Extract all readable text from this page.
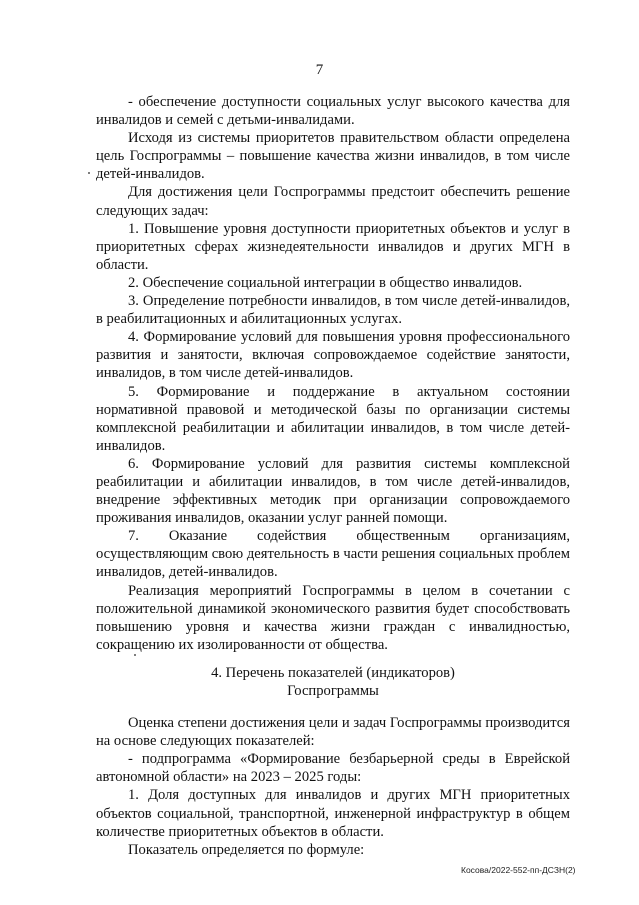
7

- обеспечение доступности социальных услуг высокого качества для инвалидов и семей с детьми-инвалидами.

Исходя из системы приоритетов правительством области определена цель Госпрограммы – повышение качества жизни инвалидов, в том числе детей-инвалидов.

Для достижения цели Госпрограммы предстоит обеспечить решение следующих задач:

1. Повышение уровня доступности приоритетных объектов и услуг в приоритетных сферах жизнедеятельности инвалидов и других МГН в области.

2. Обеспечение социальной интеграции в общество инвалидов.

3. Определение потребности инвалидов, в том числе детей-инвалидов, в реабилитационных и абилитационных услугах.

4. Формирование условий для повышения уровня профессионального развития и занятости, включая сопровождаемое содействие занятости, инвалидов, в том числе детей-инвалидов.

5. Формирование и поддержание в актуальном состоянии нормативной правовой и методической базы по организации системы комплексной реабилитации и абилитации инвалидов, в том числе детей-инвалидов.

6. Формирование условий для развития системы комплексной реабилитации и абилитации инвалидов, в том числе детей-инвалидов, внедрение эффективных методик при организации сопровождаемого проживания инвалидов, оказании услуг ранней помощи.

7. Оказание содействия общественным организациям, осуществляющим свою деятельность в части решения социальных проблем инвалидов, детей-инвалидов.

Реализация мероприятий Госпрограммы в целом в сочетании с положительной динамикой экономического развития будет способствовать повышению уровня и качества жизни граждан с инвалидностью, сокращению их изолированности от общества.

4. Перечень показателей (индикаторов)
Госпрограммы

Оценка степени достижения цели и задач Госпрограммы производится на основе следующих показателей:

- подпрограмма «Формирование безбарьерной среды в Еврейской автономной области» на 2023 – 2025 годы:

1. Доля доступных для инвалидов и других МГН приоритетных объектов социальной, транспортной, инженерной инфраструктур в общем количестве приоритетных объектов в области.

Показатель определяется по формуле:

Косова/2022-552-пп-ДСЗН(2)
